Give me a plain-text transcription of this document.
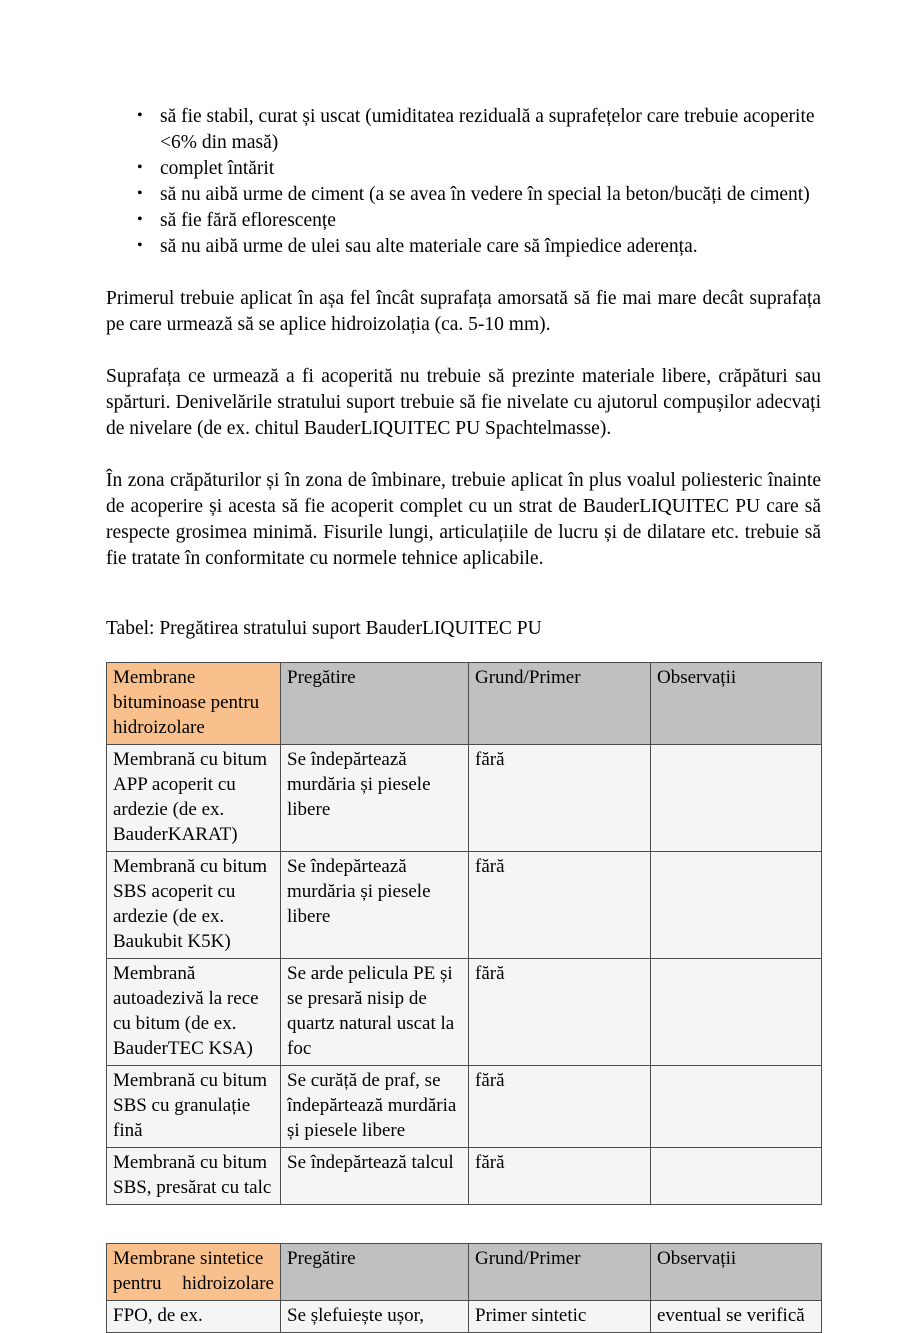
• să fie stabil, curat și uscat (umiditatea reziduală a suprafețelor care trebuie acoperite <6% din masă)
• complet întărit
• să nu aibă urme de ciment (a se avea în vedere în special la beton/bucăți de ciment)
• să fie fără eflorescențe
• să nu aibă urme de ulei sau alte materiale care să împiedice aderența.

Primerul trebuie aplicat în așa fel încât suprafața amorsată să fie mai mare decât suprafața pe care urmează să se aplice hidroizolația (ca. 5-10 mm).

Suprafața ce urmează a fi acoperită nu trebuie să prezinte materiale libere, crăpături sau spărturi. Denivelările stratului suport trebuie să fie nivelate cu ajutorul compușilor adecvați de nivelare (de ex. chitul BauderLIQUITEC PU Spachtelmasse).

În zona crăpăturilor și în zona de îmbinare, trebuie aplicat în plus voalul poliesteric înainte de acoperire și acesta să fie acoperit complet cu un strat de BauderLIQUITEC PU care să respecte grosimea minimă. Fisurile lungi, articulațiile de lucru și de dilatare etc. trebuie să fie tratate în conformitate cu normele tehnice aplicabile.

Tabel: Pregătirea stratului suport BauderLIQUITEC PU

Membrane bituminoase pentru hidroizolare	Pregătire	Grund/Primer	Observații
Membrană cu bitum APP acoperit cu ardezie (de ex. BauderKARAT)	Se îndepărtează murdăria și piesele libere	fără	
Membrană cu bitum SBS acoperit cu ardezie (de ex. Baukubit K5K)	Se îndepărtează murdăria și piesele libere	fără	
Membrană autoadezivă la rece cu bitum (de ex. BauderTEC KSA)	Se arde pelicula PE și se presară nisip de quartz natural uscat la foc	fără	
Membrană cu bitum SBS cu granulație fină	Se curăță de praf, se îndepărtează murdăria și piesele libere	fără	
Membrană cu bitum SBS, presărat cu talc	Se îndepărtează talcul	fără	
Membrane sintetice pentru hidroizolare	Pregătire	Grund/Primer	Observații
FPO, de ex.	Se șlefuiește ușor,	Primer sintetic	eventual se verifică
